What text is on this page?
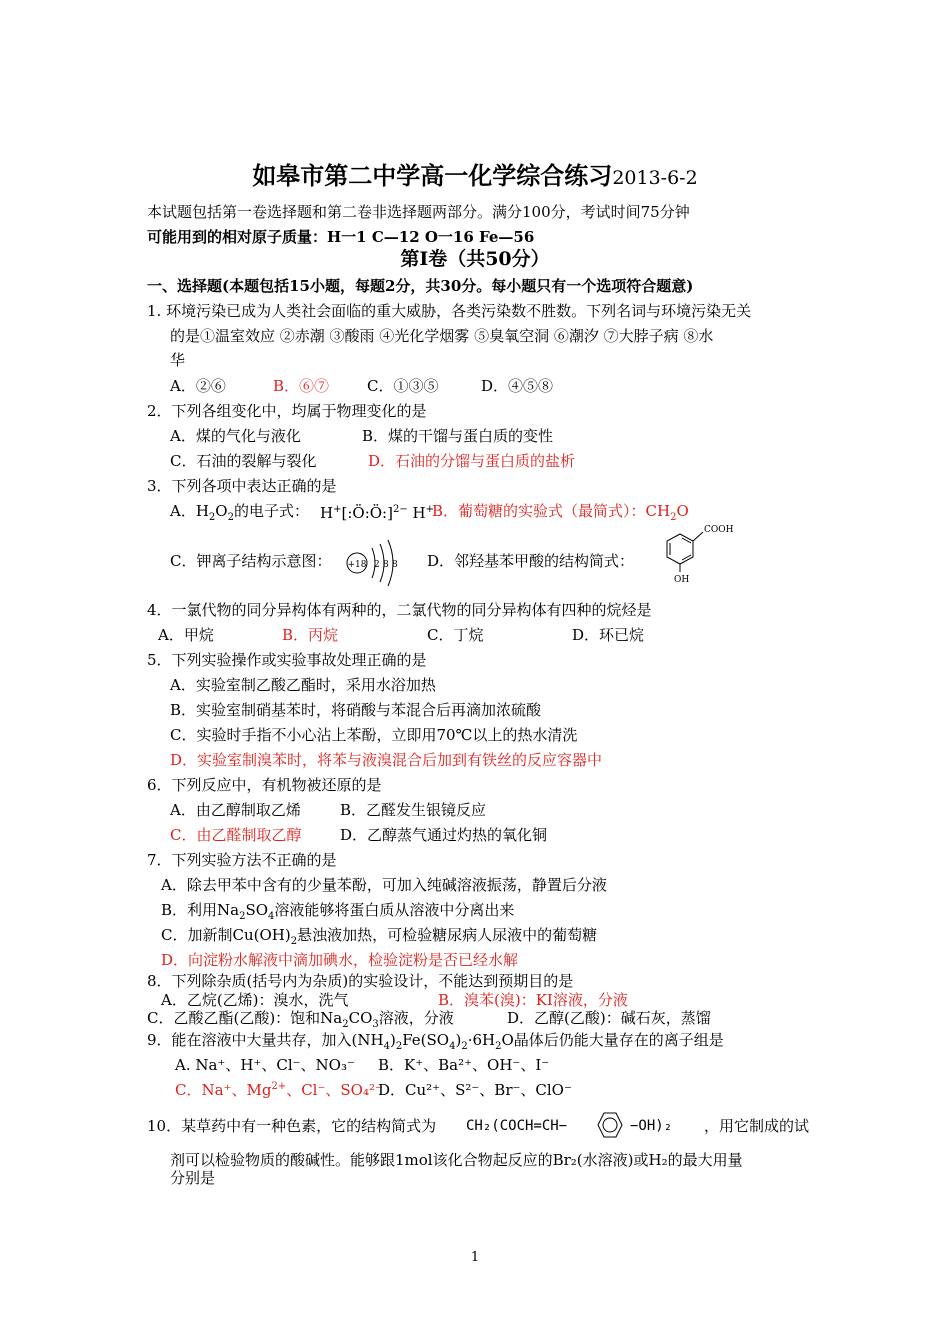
如皋市第二中学高一化学综合练习2013-6-2
本试题包括第一卷选择题和第二卷非选择题两部分。满分100分，考试时间75分钟
可能用到的相对原子质量：H一1 C—12 O一16 Fe—56
第Ⅰ卷（共50分）
一、选择题(本题包括15小题，每题2分，共30分。每小题只有一个选项符合题意)
1. 环境污染已成为人类社会面临的重大威胁，各类污染数不胜数。下列名词与环境污染无关
的是①温室效应 ②赤潮 ③酸雨 ④光化学烟雾 ⑤臭氧空洞 ⑥潮汐 ⑦大脖子病 ⑧水
华
A．②⑥	B．⑥⑦	C．①③⑤	D．④⑤⑧
2．下列各组变化中，均属于物理变化的是
A．煤的气化与液化	B．煤的干馏与蛋白质的变性
C．石油的裂解与裂化	D．石油的分馏与蛋白质的盐析
3．下列各项中表达正确的是
A．$H_2O_2$的电子式： H+[:Ö:Ö:]$^{2-}$ H+
B．葡萄糖的实验式（最简式）：$CH_2O$
C．钾离子结构示意图： +18 2 8 8 D．邻羟基苯甲酸的结构简式：
COOH
OH
4．一氯代物的同分异构体有两种的，二氯代物的同分异构体有四种的烷烃是
A．甲烷	B．丙烷	C．丁烷	D．环已烷
5．下列实验操作或实验事故处理正确的是
A．实验室制乙酸乙酯时，采用水浴加热
B．实验室制硝基苯时，将硝酸与苯混合后再滴加浓硫酸
C．实验时手指不小心沾上苯酚，立即用70℃以上的热水清洗
D．实验室制溴苯时，将苯与液溴混合后加到有铁丝的反应容器中
6．下列反应中，有机物被还原的是
A．由乙醇制取乙烯	B．乙醛发生银镜反应
C．由乙醛制取乙醇	D．乙醇蒸气通过灼热的氧化铜
7．下列实验方法不正确的是
A．除去甲苯中含有的少量苯酚，可加入纯碱溶液振荡，静置后分液
B．利用$Na_2SO_4$溶液能够将蛋白质从溶液中分离出来
C．加新制$Cu(OH)_2$悬浊液加热，可检验糖尿病人尿液中的葡萄糖
D．向淀粉水解液中滴加碘水，检验淀粉是否已经水解
8．下列除杂质(括号内为杂质)的实验设计，不能达到预期目的是
A．乙烷(乙烯)：溴水，洗气	B．溴苯(溴)：KI溶液，分液
C．乙酸乙酯(乙酸)：饱和$Na_2CO_3$溶液，分液	D．乙醇(乙酸)：碱石灰，蒸馏
9．能在溶液中大量共存，加入$(NH_4)_2Fe(SO_4)_2\cdot 6H_2O$晶体后仍能大量存在的离子组是
A. Na⁺、H⁺、Cl⁻、NO₃⁻ B．K⁺、Ba²⁺、OH⁻、I⁻
C．Na⁺、$Mg^{2+}$、Cl⁻、SO₄²⁻
D．Cu²⁺、S²⁻、Br⁻、ClO⁻
10．某草药中有一种色素，它的结构简式为 CH₂(COCH=CH−	−OH)₂ ，用它制成的试
剂可以检验物质的酸碱性。能够跟1mol该化合物起反应的Br₂(水溶液)或H₂的最大用量
分别是
1
